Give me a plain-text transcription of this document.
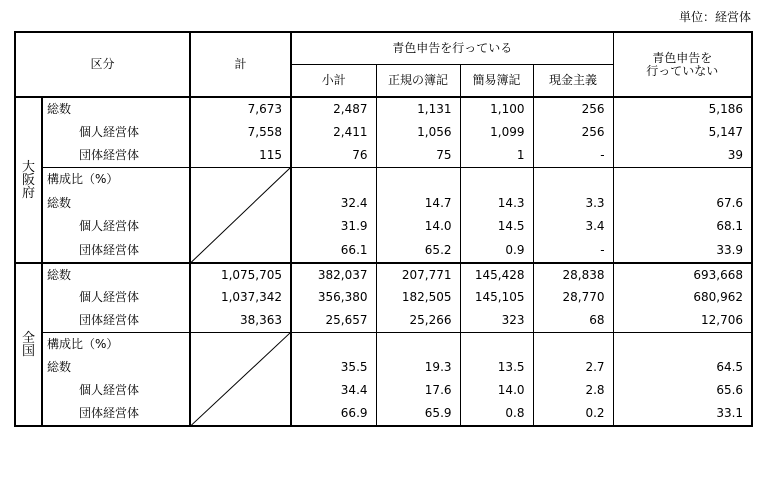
単位：経営体
区分		計	青色申告を行っている				青色申告を
行っていない

			小計	正規の簿記	簡易簿記	現金主義	

大
阪
府	総数	7,673	2,487	1,131	1,100	256	5,186
	個人経営体	7,558	2,411	1,056	1,099	256	5,147
	団体経営体	115	76	75	1	-	39
	構成比（%）	

	総数		32.4	14.7	14.3	3.3	67.6
	個人経営体		31.9	14.0	14.5	3.4	68.1
	団体経営体		66.1	65.2	0.9	-	33.9

全
国	総数	1,075,705	382,037	207,771	145,428	28,838	693,668
	個人経営体	1,037,342	356,380	182,505	145,105	28,770	680,962
	団体経営体	38,363	25,657	25,266	323	68	12,706
	構成比（%）	

	総数		35.5	19.3	13.5	2.7	64.5
	個人経営体		34.4	17.6	14.0	2.8	65.6
	団体経営体		66.9	65.9	0.8	0.2	33.1
